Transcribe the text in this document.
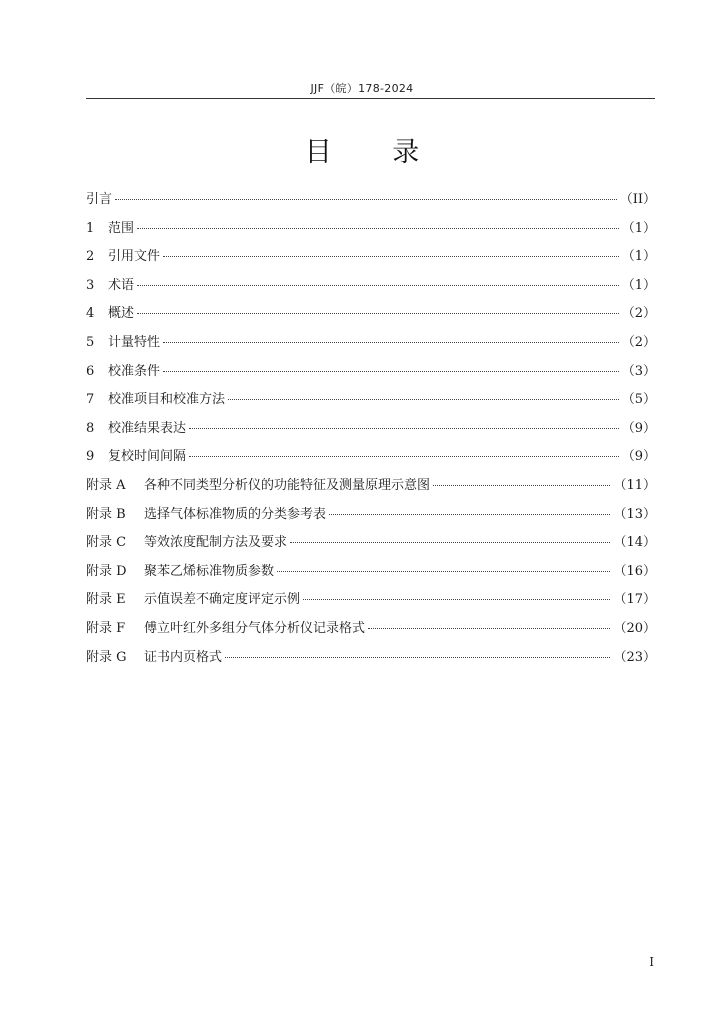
JJF（皖）178-2024
目 录
引言	（II）
1	范围	（1）
2	引用文件	（1）
3	术语	（1）
4	概述	（2）
5	计量特性	（2）
6	校准条件	（3）
7	校准项目和校准方法	（5）
8	校准结果表达	（9）
9	复校时间间隔	（9）
附录 A	各种不同类型分析仪的功能特征及测量原理示意图	（11）
附录 B	选择气体标准物质的分类参考表	（13）
附录 C	等效浓度配制方法及要求	（14）
附录 D	聚苯乙烯标准物质参数	（16）
附录 E	示值误差不确定度评定示例	（17）
附录 F	傅立叶红外多组分气体分析仪记录格式	（20）
附录 G	证书内页格式	（23）
I
